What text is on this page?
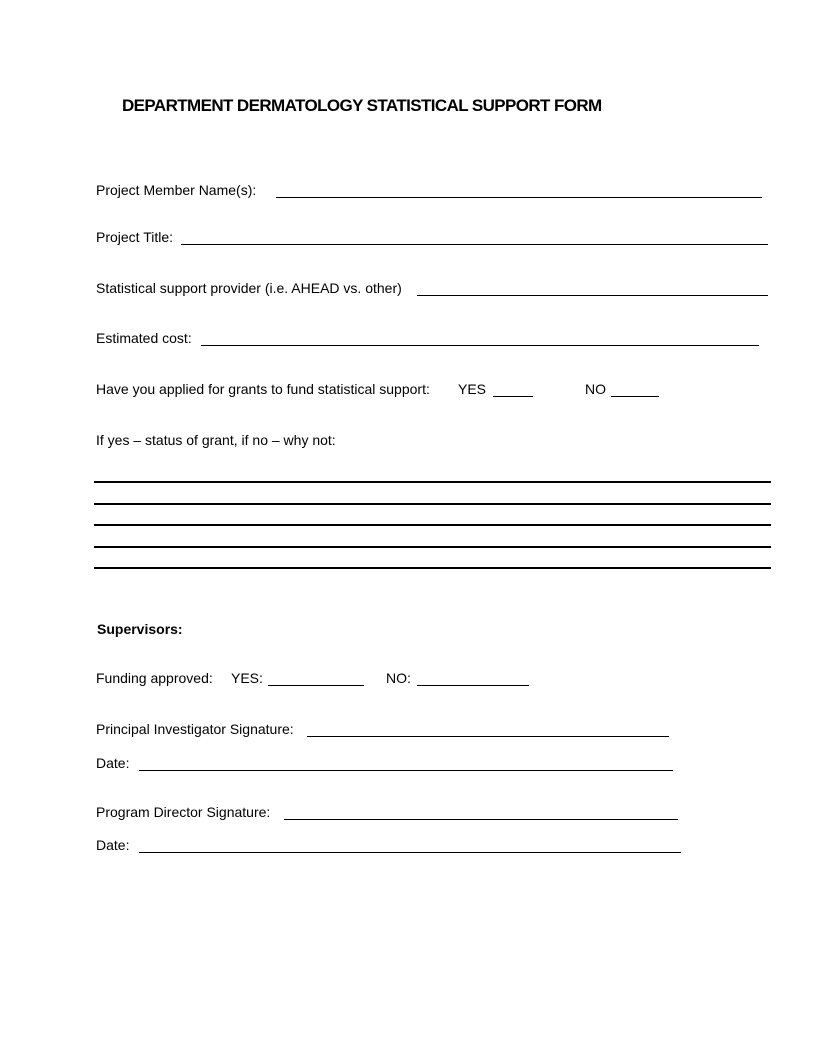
DEPARTMENT DERMATOLOGY STATISTICAL SUPPORT FORM
Project Member Name(s):
Project Title:
Statistical support provider (i.e. AHEAD vs. other)
Estimated cost:
Have you applied for grants to fund statistical support: YES	NO
If yes – status of grant, if no – why not:
Supervisors:
Funding approved: YES:	NO:
Principal Investigator Signature:
Date:
Program Director Signature:
Date:
